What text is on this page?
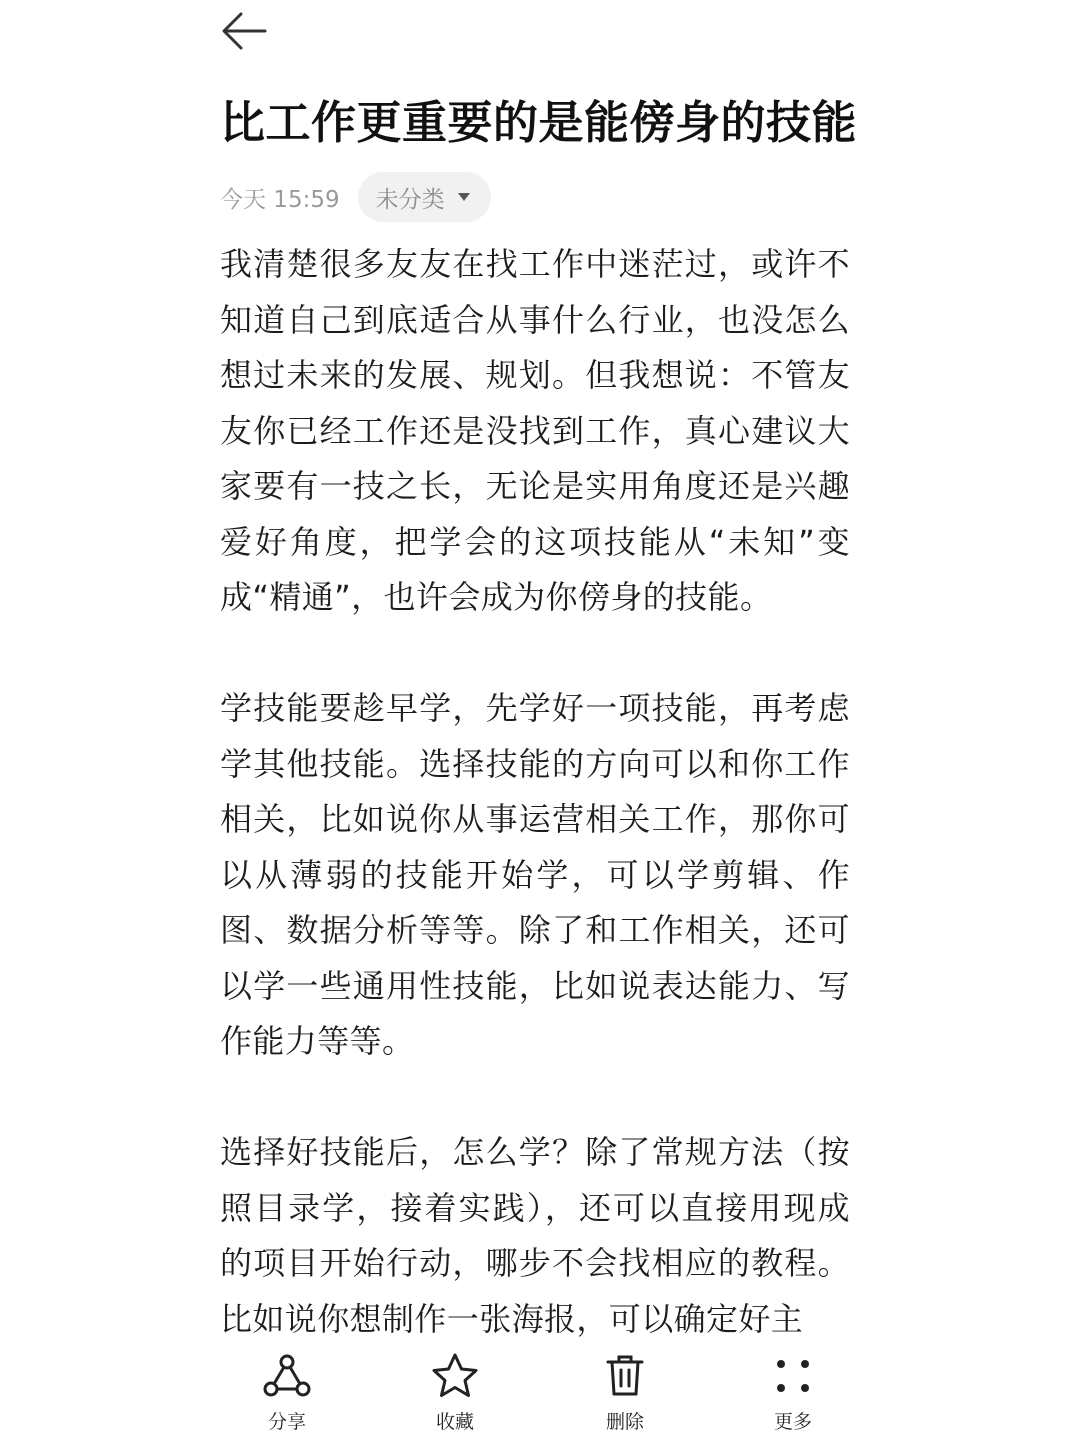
比工作更重要的是能傍身的技能
今天 15:59 未分类

我清楚很多友友在找工作中迷茫过，或许不知道自己到底适合从事什么行业，也没怎么想过未来的发展、规划。但我想说：不管友友你已经工作还是没找到工作，真心建议大家要有一技之长，无论是实用角度还是兴趣爱好角度，把学会的这项技能从“未知”变成“精通”，也许会成为你傍身的技能。

学技能要趁早学，先学好一项技能，再考虑学其他技能。选择技能的方向可以和你工作相关，比如说你从事运营相关工作，那你可以从薄弱的技能开始学，可以学剪辑、作图、数据分析等等。除了和工作相关，还可以学一些通用性技能，比如说表达能力、写作能力等等。

选择好技能后，怎么学？除了常规方法（按照目录学，接着实践），还可以直接用现成的项目开始行动，哪步不会找相应的教程。比如说你想制作一张海报，可以确定好主

分享	收藏	删除	更多
